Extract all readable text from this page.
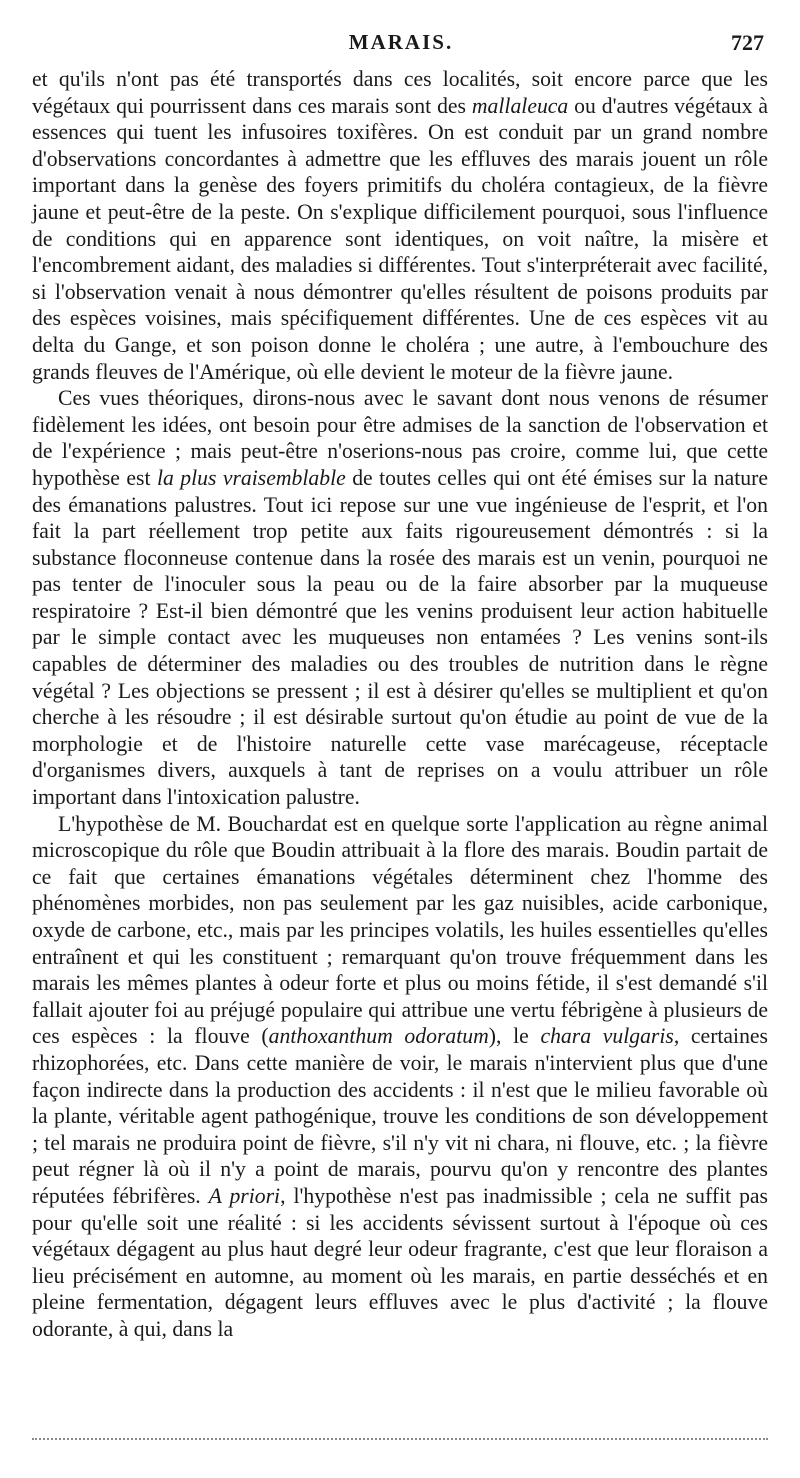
MARAIS.	727

et qu'ils n'ont pas été transportés dans ces localités, soit encore parce que les végétaux qui pourrissent dans ces marais sont des mallaleuca ou d'autres végétaux à essences qui tuent les infusoires toxifères. On est conduit par un grand nombre d'observations concordantes à admettre que les effluves des marais jouent un rôle important dans la genèse des foyers primitifs du choléra contagieux, de la fièvre jaune et peut-être de la peste. On s'explique difficilement pourquoi, sous l'influence de conditions qui en apparence sont identiques, on voit naître, la misère et l'encombrement aidant, des maladies si différentes. Tout s'interpréterait avec facilité, si l'observation venait à nous démontrer qu'elles résultent de poisons produits par des espèces voisines, mais spécifiquement différentes. Une de ces espèces vit au delta du Gange, et son poison donne le choléra ; une autre, à l'embouchure des grands fleuves de l'Amérique, où elle devient le moteur de la fièvre jaune.

Ces vues théoriques, dirons-nous avec le savant dont nous venons de résumer fidèlement les idées, ont besoin pour être admises de la sanction de l'observation et de l'expérience ; mais peut-être n'oserions-nous pas croire, comme lui, que cette hypothèse est la plus vraisemblable de toutes celles qui ont été émises sur la nature des émanations palustres. Tout ici repose sur une vue ingénieuse de l'esprit, et l'on fait la part réellement trop petite aux faits rigoureusement démontrés : si la substance floconneuse contenue dans la rosée des marais est un venin, pourquoi ne pas tenter de l'inoculer sous la peau ou de la faire absorber par la muqueuse respiratoire ? Est-il bien démontré que les venins produisent leur action habituelle par le simple contact avec les muqueuses non entamées ? Les venins sont-ils capables de déterminer des maladies ou des troubles de nutrition dans le règne végétal ? Les objections se pressent ; il est à désirer qu'elles se multiplient et qu'on cherche à les résoudre ; il est désirable surtout qu'on étudie au point de vue de la morphologie et de l'histoire naturelle cette vase marécageuse, réceptacle d'organismes divers, auxquels à tant de reprises on a voulu attribuer un rôle important dans l'intoxication palustre.

L'hypothèse de M. Bouchardat est en quelque sorte l'application au règne animal microscopique du rôle que Boudin attribuait à la flore des marais. Boudin partait de ce fait que certaines émanations végétales déterminent chez l'homme des phénomènes morbides, non pas seulement par les gaz nuisibles, acide carbonique, oxyde de carbone, etc., mais par les principes volatils, les huiles essentielles qu'elles entraînent et qui les constituent ; remarquant qu'on trouve fréquemment dans les marais les mêmes plantes à odeur forte et plus ou moins fétide, il s'est demandé s'il fallait ajouter foi au préjugé populaire qui attribue une vertu fébrigène à plusieurs de ces espèces : la flouve (anthoxanthum odoratum), le chara vulgaris, certaines rhizophorées, etc. Dans cette manière de voir, le marais n'intervient plus que d'une façon indirecte dans la production des accidents : il n'est que le milieu favorable où la plante, véritable agent pathogénique, trouve les conditions de son développement ; tel marais ne produira point de fièvre, s'il n'y vit ni chara, ni flouve, etc. ; la fièvre peut régner là où il n'y a point de marais, pourvu qu'on y rencontre des plantes réputées fébrifères. A priori, l'hypothèse n'est pas inadmissible ; cela ne suffit pas pour qu'elle soit une réalité : si les accidents sévissent surtout à l'époque où ces végétaux dégagent au plus haut degré leur odeur fragrante, c'est que leur floraison a lieu précisément en automne, au moment où les marais, en partie desséchés et en pleine fermentation, dégagent leurs effluves avec le plus d'activité ; la flouve odorante, à qui, dans la
